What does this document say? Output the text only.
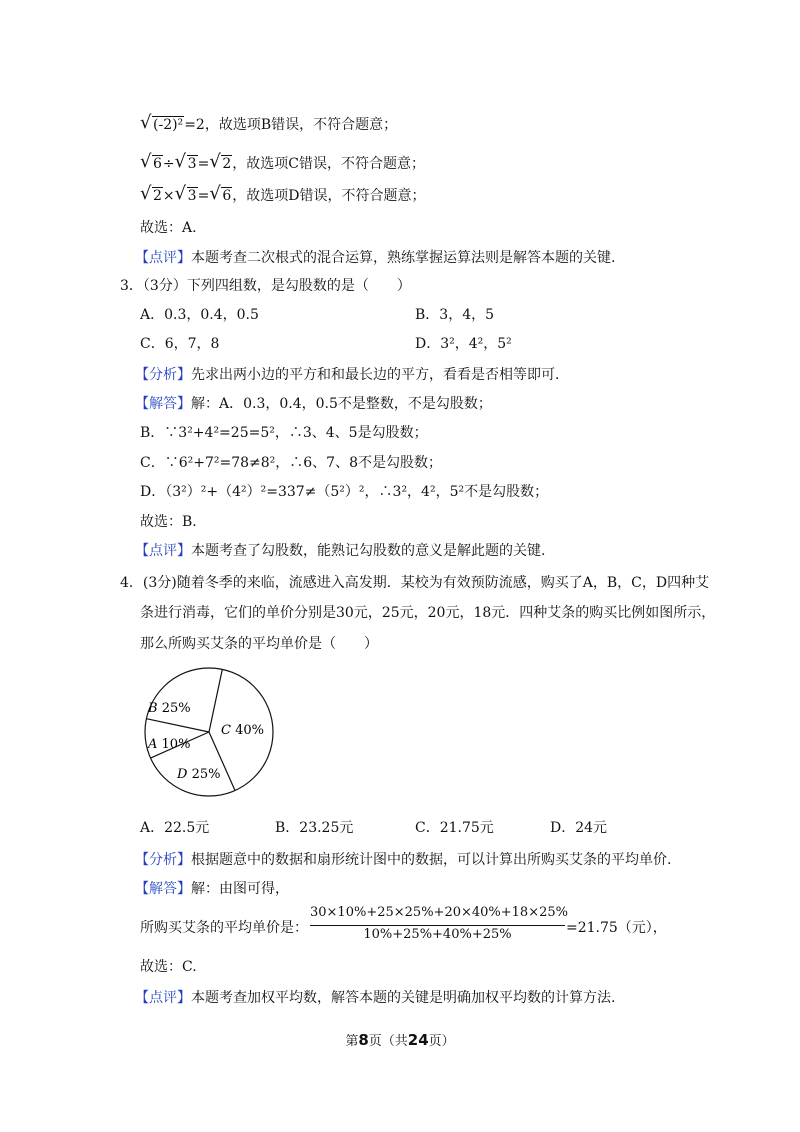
√ (-2)²=2，故选项B错误，不符合题意；
√ 6÷ √ 3= √ 2，故选项C错误，不符合题意；
√ 2× √ 3= √ 6，故选项D错误，不符合题意；
故选：A.
【点评】本题考查二次根式的混合运算，熟练掌握运算法则是解答本题的关键.
3．（3分）下列四组数，是勾股数的是（　　）
A．0.3，0.4，0.5	B．3，4，5
C．6，7，8	D．3²，4²，5²
【分析】先求出两小边的平方和和最长边的平方，看看是否相等即可.
【解答】解：A．0.3，0.4，0.5不是整数，不是勾股数；
B．∵3²+4²=25=5²，∴3、4、5是勾股数；
C．∵6²+7²=78≠8²，∴6、7、8不是勾股数；
D．（3²）²+（4²）²=337≠（5²）²，∴3²，4²，5²不是勾股数；
故选：B.
【点评】本题考查了勾股数，能熟记勾股数的意义是解此题的关键.
4．(3分)随着冬季的来临，流感进入高发期．某校为有效预防流感，购买了A，B，C，D四种艾
条进行消毒，它们的单价分别是30元，25元，20元，18元．四种艾条的购买比例如图所示，
那么所购买艾条的平均单价是（　　）
B 25%
C 40%
D 25%
A 10%
A．22.5元	B．23.25元	C．21.75元	D．24元
【分析】根据题意中的数据和扇形统计图中的数据，可以计算出所购买艾条的平均单价.
【解答】解：由图可得，
所购买艾条的平均单价是：
30×10%+25×25%+20×40%+18×25%
10%+25%+40%+25%	=21.75（元），
故选：C.
【点评】本题考查加权平均数，解答本题的关键是明确加权平均数的计算方法.
第8页（共24页）
